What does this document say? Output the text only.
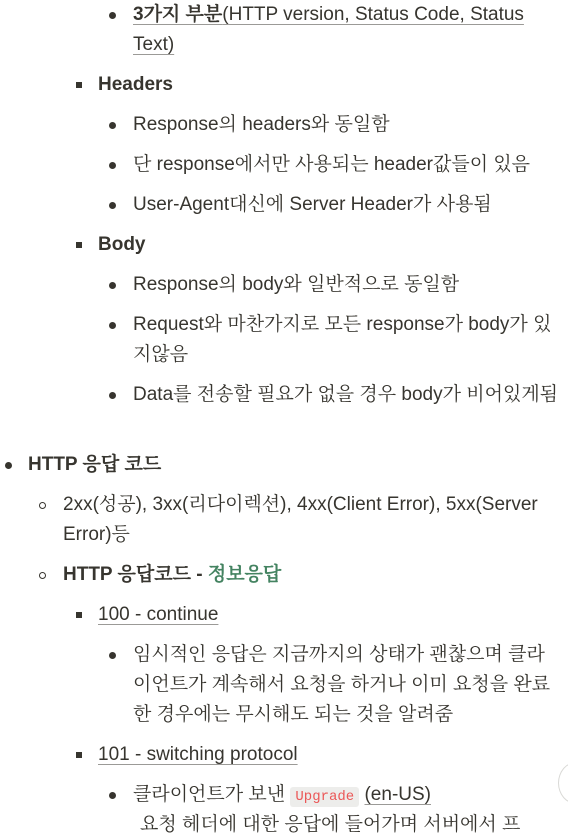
3가지 부분(HTTP version, Status Code, Status Text)
Headers
Response의 headers와 동일함
단 response에서만 사용되는 header값들이 있음
User-Agent대신에 Server Header가 사용됨
Body
Response의 body와 일반적으로 동일함
Request와 마찬가지로 모든 response가 body가 있지않음
Data를 전송할 필요가 없을 경우 body가 비어있게됨
HTTP 응답 코드
2xx(성공), 3xx(리다이렉션), 4xx(Client Error), 5xx(Server Error)등
HTTP 응답코드 - 정보응답
100 - continue
임시적인 응답은 지금까지의 상태가 괜찮으며 클라이언트가 계속해서 요청을 하거나 이미 요청을 완료한 경우에는 무시해도 되는 것을 알려줌
101 - switching protocol
클라이언트가 보낸 Upgrade (en-US)
요청 헤더에 대한 응답에 들어가며 서버에서 프
